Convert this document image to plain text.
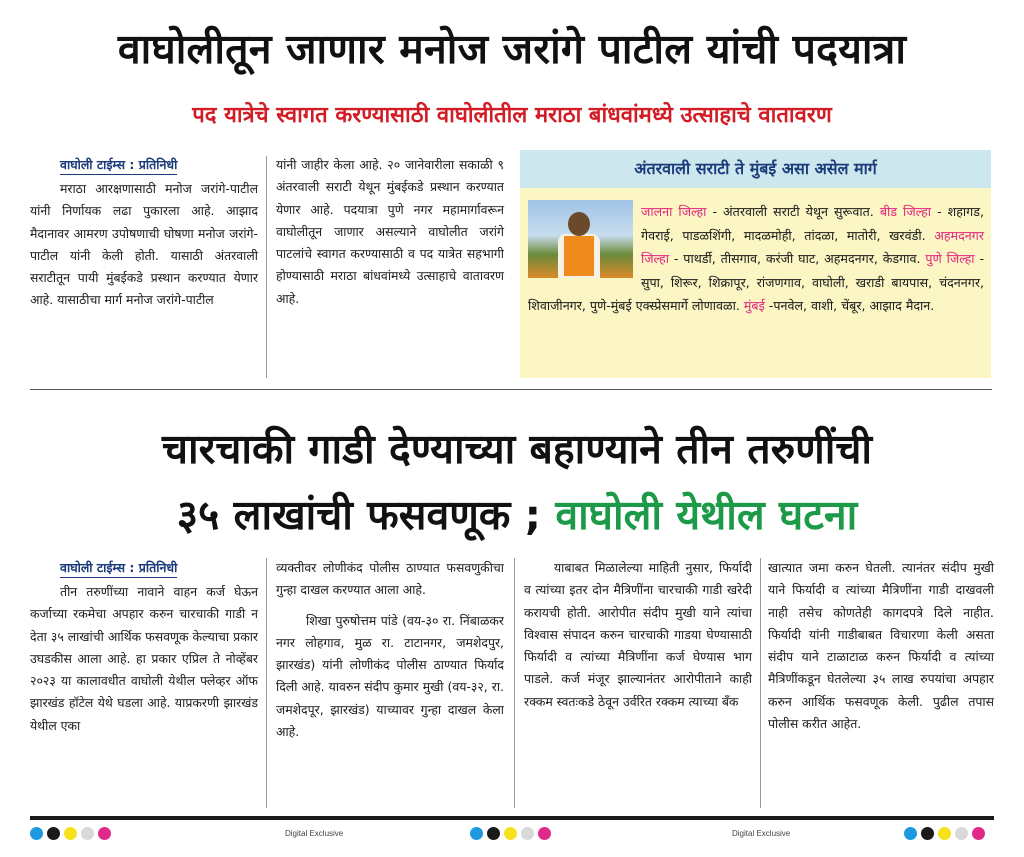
वाघोलीतून जाणार मनोज जरांगे पाटील यांची पदयात्रा
पद यात्रेचे स्वागत करण्यासाठी वाघोलीतील मराठा बांधवांमध्ये उत्साहाचे वातावरण
वाघोली टाईम्स : प्रतिनिधी

मराठा आरक्षणासाठी मनोज जरांगे-पाटील यांनी निर्णायक लढा पुकारला आहे. आझाद मैदानावर आमरण उपोषणाची घोषणा मनोज जरांगे-पाटील यांनी केली होती. यासाठी अंतरवाली सराटीतून पायी मुंबईकडे प्रस्थान करण्यात येणार आहे. यासाठीचा मार्ग मनोज जरांगे-पाटील

यांनी जाहीर केला आहे. २० जानेवारीला सकाळी ९ अंतरवाली सराटी येथून मुंबईकडे प्रस्थान करण्यात येणार आहे. पदयात्रा पुणे नगर महामार्गावरून वाघोलीतून जाणार असल्याने वाघोलीत जरांगे पाटलांचे स्वागत करण्यासाठी व पद यात्रेत सहभागी होण्यासाठी मराठा बांधवांमध्ये उत्साहाचे वातावरण आहे.

अंतरवाली सराटी ते मुंबई असा असेल मार्ग
जालना जिल्हा - अंतरवाली सराटी येथून सुरूवात. बीड जिल्हा - शहागड, गेवराई, पाडळशिंगी, मादळमोही, तांदळा, मातोरी, खरवंडी. अहमदनगर जिल्हा - पाथर्डी, तीसगाव, करंजी घाट, अहमदनगर, केडगाव. पुणे जिल्हा - सुपा, शिरूर, शिक्रापूर, रांजणगाव, वाघोली, खराडी बायपास, चंदननगर, शिवाजीनगर, पुणे-मुंबई एक्स्प्रेसमार्गे लोणावळा. मुंबई -पनवेल, वाशी, चेंबूर, आझाद मैदान.
चारचाकी गाडी देण्याच्या बहाण्याने तीन तरुणींची
३५ लाखांची फसवणूक ; वाघोली येथील घटना
वाघोली टाईम्स : प्रतिनिधी

तीन तरुणींच्या नावाने वाहन कर्ज घेऊन कर्जाच्या रकमेचा अपहार करुन चारचाकी गाडी न देता ३५ लाखांची आर्थिक फसवणूक केल्याचा प्रकार उघडकीस आला आहे. हा प्रकार एप्रिल ते नोव्हेंबर २०२३ या कालावधीत वाघोली येथील फ्लेव्हर ऑफ झारखंड हॉटेल येथे घडला आहे. याप्रकरणी झारखंड येथील एका

व्यक्तीवर लोणीकंद पोलीस ठाण्यात फसवणुकीचा गुन्हा दाखल करण्यात आला आहे.

शिखा पुरुषोत्तम पांडे (वय-३० रा. निंबाळकर नगर लोहगाव, मुळ रा. टाटानगर, जमशेदपुर, झारखंड) यांनी लोणीकंद पोलीस ठाण्यात फिर्याद दिली आहे. यावरुन संदीप कुमार मुखी (वय-३२, रा. जमशेदपूर, झारखंड) याच्यावर गुन्हा दाखल केला आहे.

याबाबत मिळालेल्या माहिती नुसार, फिर्यादी व त्यांच्या इतर दोन मैत्रिणींना चारचाकी गाडी खरेदी करायची होती. आरोपीत संदीप मुखी याने त्यांचा विश्वास संपादन करुन चारचाकी गाडया घेण्यासाठी फिर्यादी व त्यांच्या मैत्रिणींना कर्ज घेण्यास भाग पाडले. कर्ज मंजूर झाल्यानंतर आरोपीताने काही रक्कम स्वतःकडे ठेवून उर्वरित रक्कम त्याच्या बँक

खात्यात जमा करुन घेतली. त्यानंतर संदीप मुखी याने फिर्यादी व त्यांच्या मैत्रिणींना गाडी दाखवली नाही तसेच कोणतेही कागदपत्रे दिले नाहीत. फिर्यादी यांनी गाडीबाबत विचारणा केली असता संदीप याने टाळाटाळ करुन फिर्यादी व त्यांच्या मैत्रिणींकडून घेतलेल्या ३५ लाख रुपयांचा अपहार करुन आर्थिक फसवणूक केली. पुढील तपास पोलीस करीत आहेत.

Digital Exclusive	Digital Exclusive
